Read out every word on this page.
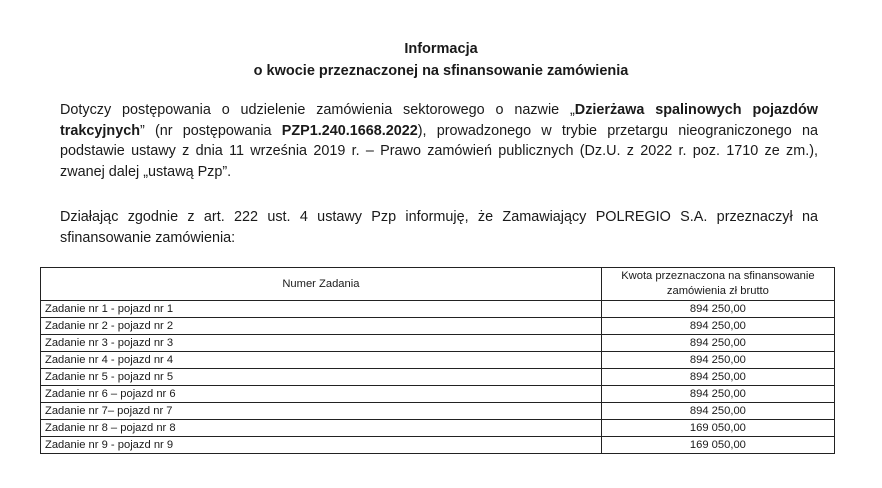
Informacja
o kwocie przeznaczonej na sfinansowanie zamówienia
Dotyczy postępowania o udzielenie zamówienia sektorowego o nazwie „Dzierżawa spalinowych pojazdów trakcyjnych” (nr postępowania PZP1.240.1668.2022), prowadzonego w trybie przetargu nieograniczonego na podstawie ustawy z dnia 11 września 2019 r. – Prawo zamówień publicznych (Dz.U. z 2022 r. poz. 1710 ze zm.), zwanej dalej „ustawą Pzp”.
Działając zgodnie z art. 222 ust. 4 ustawy Pzp informuję, że Zamawiający POLREGIO S.A. przeznaczył na sfinansowanie zamówienia:
Numer Zadania	Kwota przeznaczona na sfinansowanie zamówienia zł brutto
Zadanie nr 1 - pojazd nr 1	894 250,00
Zadanie nr 2 - pojazd nr 2	894 250,00
Zadanie nr 3 - pojazd nr 3	894 250,00
Zadanie nr 4 - pojazd nr 4	894 250,00
Zadanie nr 5 - pojazd nr 5	894 250,00
Zadanie nr 6 – pojazd nr 6	894 250,00
Zadanie nr 7– pojazd nr 7	894 250,00
Zadanie nr 8 – pojazd nr 8	169 050,00
Zadanie nr 9 - pojazd nr 9	169 050,00
